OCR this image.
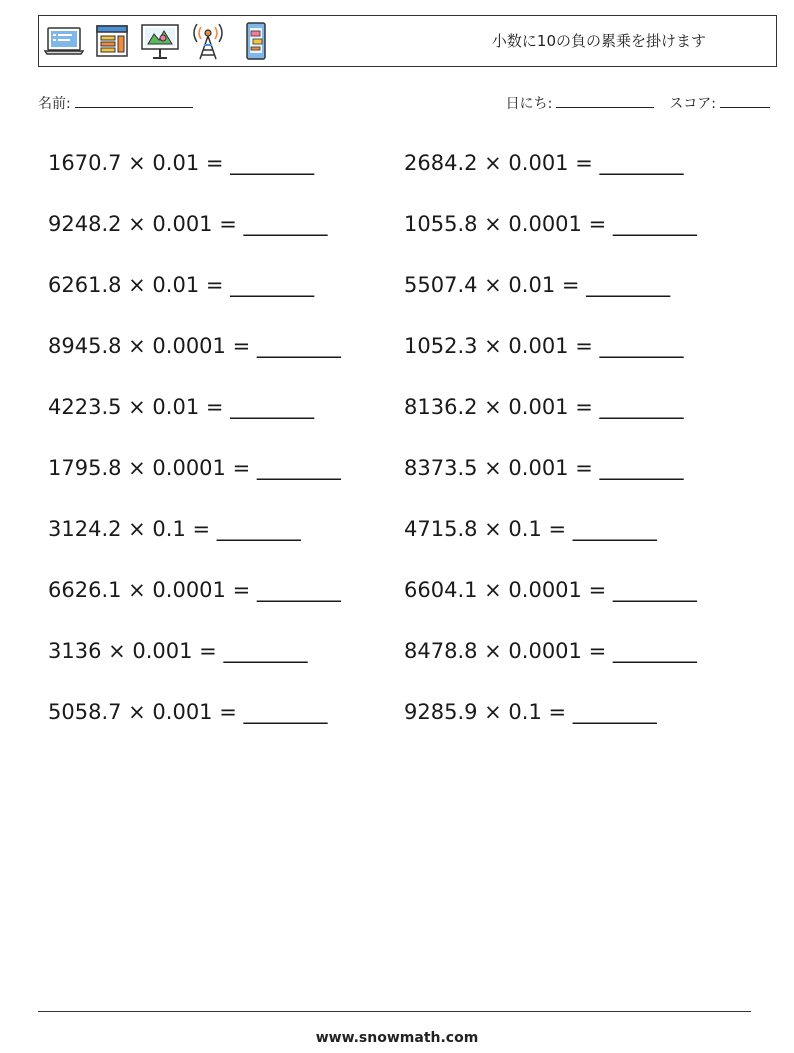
小数に10の負の累乗を掛けます
名前:	日にち:	スコア:
1670.7 × 0.01 = ________	2684.2 × 0.001 = ________
9248.2 × 0.001 = ________	1055.8 × 0.0001 = ________
6261.8 × 0.01 = ________	5507.4 × 0.01 = ________
8945.8 × 0.0001 = ________	1052.3 × 0.001 = ________
4223.5 × 0.01 = ________	8136.2 × 0.001 = ________
1795.8 × 0.0001 = ________	8373.5 × 0.001 = ________
3124.2 × 0.1 = ________	4715.8 × 0.1 = ________
6626.1 × 0.0001 = ________	6604.1 × 0.0001 = ________
3136 × 0.001 = ________	8478.8 × 0.0001 = ________
5058.7 × 0.001 = ________	9285.9 × 0.1 = ________
www.snowmath.com
